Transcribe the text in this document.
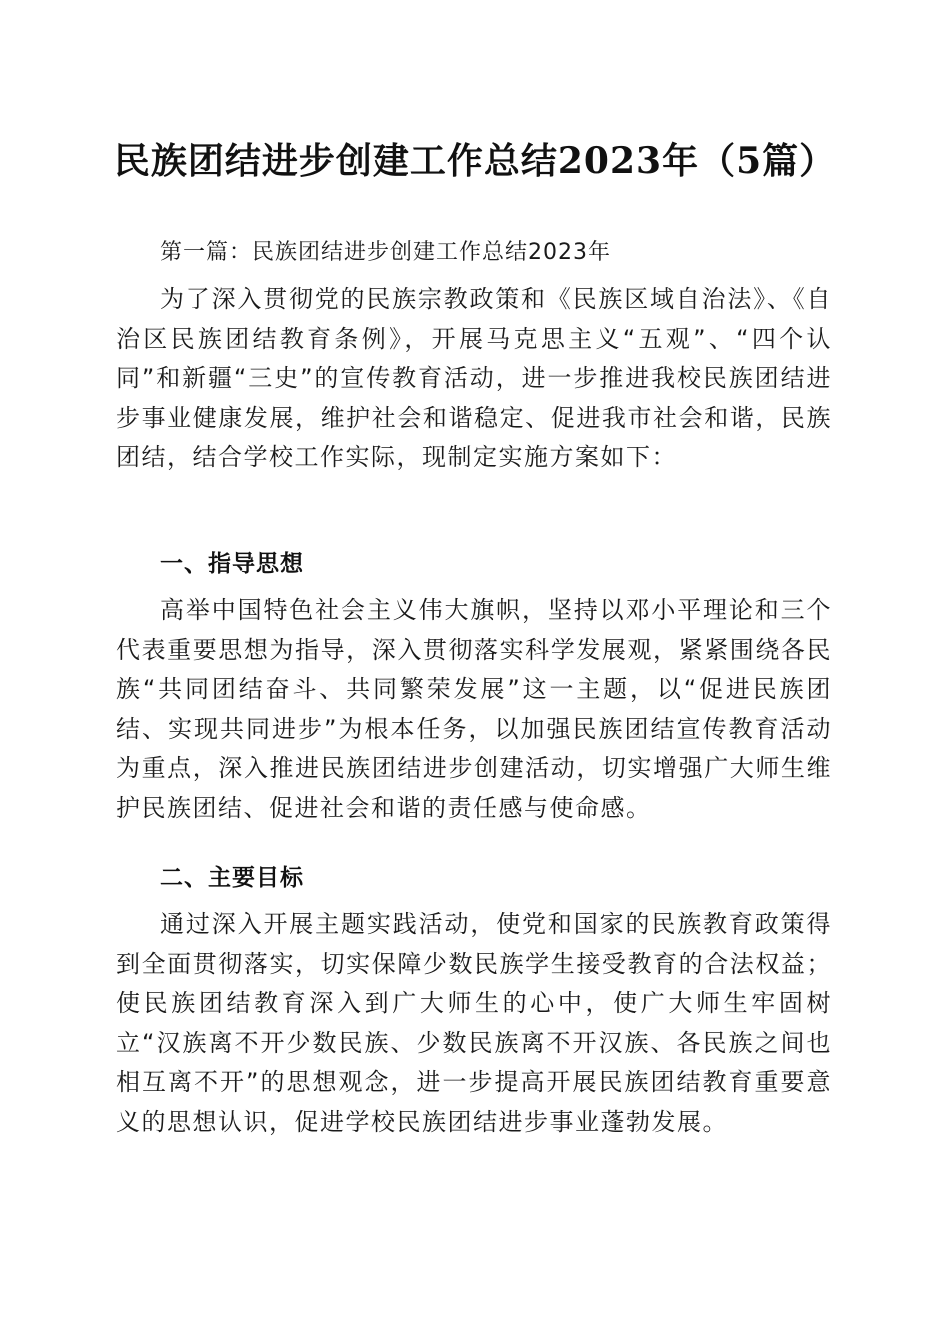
民族团结进步创建工作总结2023年（5篇）
第一篇：民族团结进步创建工作总结2023年
为了深入贯彻党的民族宗教政策和《民族区域自治法》、《自治区民族团结教育条例》，开展马克思主义“五观”、“四个认同”和新疆“三史”的宣传教育活动，进一步推进我校民族团结进步事业健康发展，维护社会和谐稳定、促进我市社会和谐，民族团结，结合学校工作实际，现制定实施方案如下：
一、指导思想
高举中国特色社会主义伟大旗帜，坚持以邓小平理论和三个代表重要思想为指导，深入贯彻落实科学发展观，紧紧围绕各民族“共同团结奋斗、共同繁荣发展”这一主题，以“促进民族团结、实现共同进步”为根本任务，以加强民族团结宣传教育活动为重点，深入推进民族团结进步创建活动，切实增强广大师生维护民族团结、促进社会和谐的责任感与使命感。
二、主要目标
通过深入开展主题实践活动，使党和国家的民族教育政策得到全面贯彻落实，切实保障少数民族学生接受教育的合法权益；使民族团结教育深入到广大师生的心中，使广大师生牢固树立“汉族离不开少数民族、少数民族离不开汉族、各民族之间也相互离不开”的思想观念，进一步提高开展民族团结教育重要意义的思想认识，促进学校民族团结进步事业蓬勃发展。
